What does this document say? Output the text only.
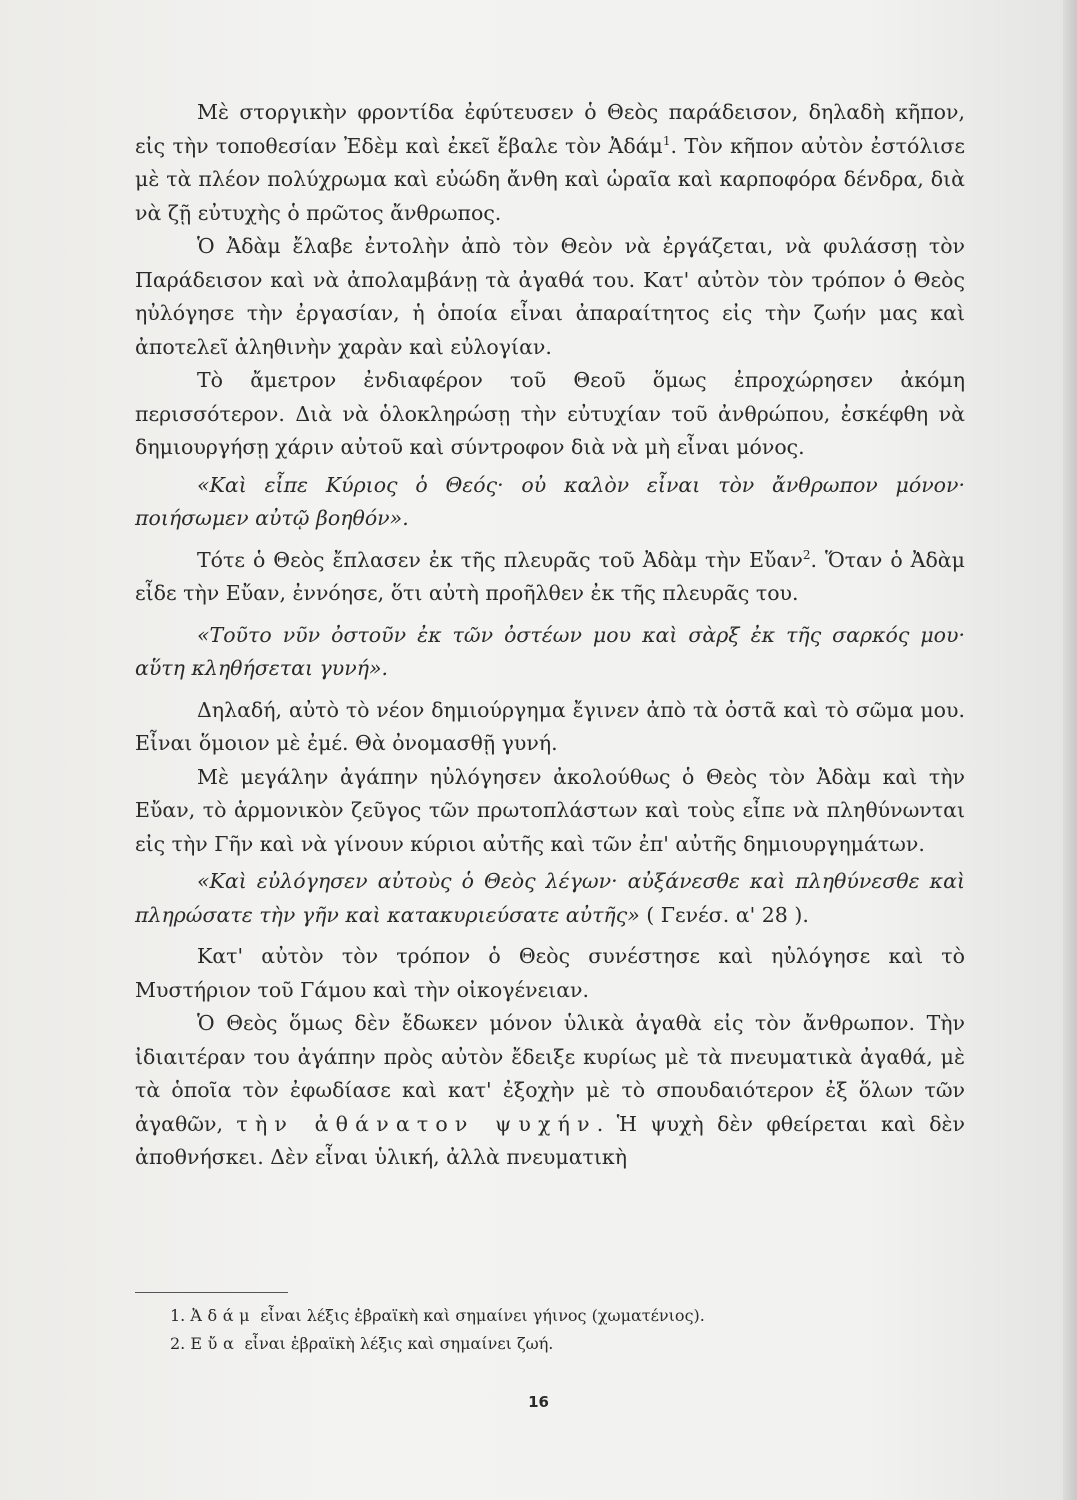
Μὲ στοργικὴν φροντίδα ἐφύτευσεν ὁ Θεὸς παράδεισον, δηλαδὴ κῆπον, εἰς τὴν τοποθεσίαν Ἐδὲμ καὶ ἐκεῖ ἔβαλε τὸν Ἀδάμ$^1$. Τὸν κῆπον αὐτὸν ἐστόλισε μὲ τὰ πλέον πολύχρωμα καὶ εὐώδη ἄνθη καὶ ὡραῖα καὶ καρποφόρα δένδρα, διὰ νὰ ζῇ εὐτυχὴς ὁ πρῶτος ἄνθρωπος.

Ὁ Ἀδὰμ ἔλαβε ἐντολὴν ἀπὸ τὸν Θεὸν νὰ ἐργάζεται, νὰ φυλάσσῃ τὸν Παράδεισον καὶ νὰ ἀπολαμβάνῃ τὰ ἀγαθά του. Κατ' αὐτὸν τὸν τρόπον ὁ Θεὸς ηὐλόγησε τὴν ἐργασίαν, ἡ ὁποία εἶναι ἀπαραίτητος εἰς τὴν ζωήν μας καὶ ἀποτελεῖ ἀληθινὴν χαρὰν καὶ εὐλογίαν.

Τὸ ἄμετρον ἐνδιαφέρον τοῦ Θεοῦ ὅμως ἐπροχώρησεν ἀκόμη περισσότερον. Διὰ νὰ ὁλοκληρώσῃ τὴν εὐτυχίαν τοῦ ἀνθρώπου, ἐσκέφθη νὰ δημιουργήσῃ χάριν αὐτοῦ καὶ σύντροφον διὰ νὰ μὴ εἶναι μόνος.

«Καὶ εἶπε Κύριος ὁ Θεός· οὐ καλὸν εἶναι τὸν ἄνθρωπον μόνον· ποιήσωμεν αὐτῷ βοηθόν».

Τότε ὁ Θεὸς ἔπλασεν ἐκ τῆς πλευρᾶς τοῦ Ἀδὰμ τὴν Εὔαν$^2$. Ὅταν ὁ Ἀδὰμ εἶδε τὴν Εὔαν, ἐννόησε, ὅτι αὐτὴ προῆλθεν ἐκ τῆς πλευρᾶς του.

«Τοῦτο νῦν ὀστοῦν ἐκ τῶν ὀστέων μου καὶ σὰρξ ἐκ τῆς σαρκός μου· αὕτη κληθήσεται γυνή».

Δηλαδή, αὐτὸ τὸ νέον δημιούργημα ἔγινεν ἀπὸ τὰ ὀστᾶ καὶ τὸ σῶμα μου. Εἶναι ὅμοιον μὲ ἐμέ. Θὰ ὀνομασθῇ γυνή.

Μὲ μεγάλην ἀγάπην ηὐλόγησεν ἀκολούθως ὁ Θεὸς τὸν Ἀδὰμ καὶ τὴν Εὔαν, τὸ ἁρμονικὸν ζεῦγος τῶν πρωτοπλάστων καὶ τοὺς εἶπε νὰ πληθύνωνται εἰς τὴν Γῆν καὶ νὰ γίνουν κύριοι αὐτῆς καὶ τῶν ἐπ' αὐτῆς δημιουργημάτων.

«Καὶ εὐλόγησεν αὐτοὺς ὁ Θεὸς λέγων· αὐξάνεσθε καὶ πληθύνεσθε καὶ πληρώσατε τὴν γῆν καὶ κατακυριεύσατε αὐτῆς» ( Γενέσ. α' 28 ).

Κατ' αὐτὸν τὸν τρόπον ὁ Θεὸς συνέστησε καὶ ηὐλόγησε καὶ τὸ Μυστήριον τοῦ Γάμου καὶ τὴν οἰκογένειαν.

Ὁ Θεὸς ὅμως δὲν ἔδωκεν μόνον ὑλικὰ ἀγαθὰ εἰς τὸν ἄνθρωπον. Τὴν ἰδιαιτέραν του ἀγάπην πρὸς αὐτὸν ἔδειξε κυρίως μὲ τὰ πνευματικὰ ἀγαθά, μὲ τὰ ὁποῖα τὸν ἐφωδίασε καὶ κατ' ἐξοχὴν μὲ τὸ σπουδαιότερον ἐξ ὅλων τῶν ἀγαθῶν, τὴν ἀθάνατον ψυχήν. Ἡ ψυχὴ δὲν φθείρεται καὶ δὲν ἀποθνήσκει. Δὲν εἶναι ὑλική, ἀλλὰ πνευματικὴ

1. Ἀδάμ εἶναι λέξις ἑβραϊκὴ καὶ σημαίνει γήινος (χωματένιος).
2. Εὔα εἶναι ἑβραϊκὴ λέξις καὶ σημαίνει ζωή.
16
